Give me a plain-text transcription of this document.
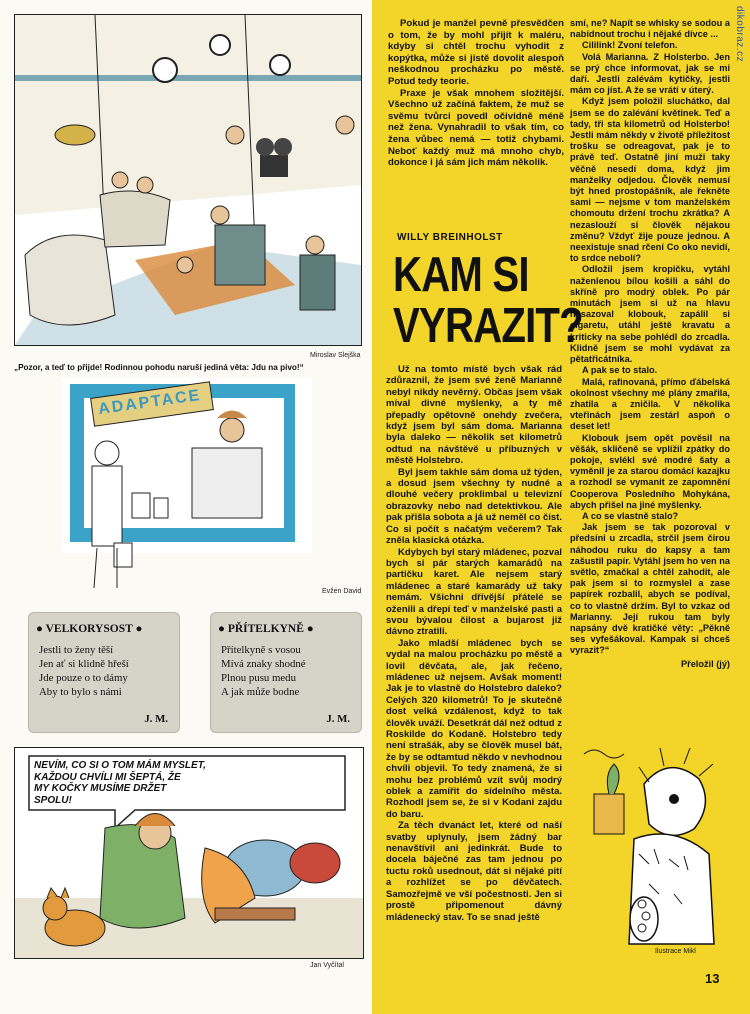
Miroslav Slejška
„Pozor, a teď to přijde! Rodinnou pohodu naruší jediná věta: Jdu na pivo!“
ADAPTACE
Evžen David
● VELKORYSOST ●
Jestli to ženy těší
Jen ať si klidně hřeší
Jde pouze o to dámy
Aby to bylo s námi
J. M.
● PŘÍTELKYNĚ ●
Přítelkyně s vosou
Mívá znaky shodné
Plnou pusu medu
A jak může bodne
J. M.
NEVÍM, CO SI O TOM MÁM MYSLET,
KAŽDOU CHVÍLI MI ŠEPTÁ, ŽE
MY KOČKY MUSÍME DRŽET
SPOLU!
Jan Vyčítal

Pokud je manžel pevně přesvědčen o tom, že by mohl přijít k maléru, kdyby si chtěl trochu vyhodit z kopýtka, může si jistě dovolit alespoň neškodnou procházku po městě. Potud tedy teorie.

Praxe je však mnohem složitější. Všechno už začíná faktem, že muž se svěmu tvůrci povedl očividně méně než žena. Vynahradil to však tím, co žena vůbec nemá — totiž chybami. Neboť každý muž má mnoho chyb, dokonce i já sám jich mám několik.

WILLY BREINHOLST
KAM SI
VYRAZIT?

Už na tomto místě bych však rád zdůraznil, že jsem své ženě Marianně nebyl nikdy nevěrný. Občas jsem však míval divné myšlenky, a ty mě přepadly opětovně onehdy zvečera, když jsem byl sám doma. Marianna byla daleko — několik set kilometrů odtud na návštěvě u příbuzných v městě Holstebro.

Byl jsem takhle sám doma už týden, a dosud jsem všechny ty nudné a dlouhé večery proklimbal u televizní obrazovky nebo nad detektivkou. Ale pak přišla sobota a já už neměl co číst. Co si počít s načatým večerem? Tak zněla klasická otázka.

Kdybych byl starý mládenec, pozval bych si pár starých kamarádů na partičku karet. Ale nejsem starý mládenec a staré kamarády už taky nemám. Všichni dřívější přátelé se oženili a dřepí teď v manželské pasti a svou bývalou čilost a bujarost již dávno ztratili.

Jako mladší mládenec bych se vydal na malou procházku po městě a lovil děvčata, ale, jak řečeno, mládenec už nejsem. Avšak moment! Jak je to vlastně do Holstebro daleko? Celých 320 kilometrů! To je skutečně dost velká vzdálenost, když to tak člověk uváží. Desetkrát dál než odtud z Roskilde do Kodaně. Holstebro tedy není strašák, aby se člověk musel bát, že by se odtamtud někdo v nevhodnou chvíli objevil. To tedy znamená, že si mohu bez problémů vzít svůj modrý oblek a zamířit do sídelního města. Rozhodl jsem se, že si v Kodani zajdu do baru.

Za těch dvanáct let, které od naší svatby uplynuly, jsem žádný bar nenavštívil ani jedinkrát. Bude to docela báječné zas tam jednou po tuctu roků usednout, dát si nějaké pití a rozhlížet se po děvčatech. Samozřejmě ve vší počestnosti. Jen si prostě připomenout dávný mládenecký stav. To se snad ještě

smí, ne? Napít se whisky se sodou a nabídnout trochu i nějaké dívce ...

Cililink! Zvoní telefon.

Volá Marianna. Z Holsterbo. Jen se prý chce informovat, jak se mi daří. Jestli zalévám kytičky, jestli mám co jíst. A že se vrátí v úterý.

Když jsem položil sluchátko, dal jsem se do zalévání květinek. Teď a tady, tři sta kilometrů od Holsterbo! Jestli mám někdy v životě příležitost trošku se odreagovat, pak je to právě teď. Ostatně jiní muži taky věčně nesedí doma, když jim manželky odjedou. Člověk nemusí být hned prostopášník, ale řekněte sami — nejsme v tom manželském chomoutu držení trochu zkrátka? A nezaslouží si člověk nějakou změnu? Vždyť žije pouze jednou. A neexistuje snad rčení Co oko nevidí, to srdce nebolí?

Odložil jsem kropičku, vytáhl naženlenou bílou košili a sáhl do skříně pro modrý oblek. Po pár minutách jsem si už na hlavu nasazoval klobouk, zapálil si cigaretu, utáhl ještě kravatu a kriticky na sebe pohlédl do zrcadla. Klidně jsem se mohl vydávat za pětatřicátníka.

A pak se to stalo.

Malá, rafinovaná, přímo ďábelská okolnost všechny mé plány zmařila, zhatila a zničila. V několika vteřinách jsem zestárl aspoň o deset let!

Klobouk jsem opět pověsil na věšák, skličeně se vplížil zpátky do pokoje, svlékl své modré šaty a vyměnil je za starou domácí kazajku a rozhodl se vymanit ze zapomnění Cooperova Posledního Mohykána, abych přišel na jiné myšlenky.

A co se vlastně stalo?

Jak jsem se tak pozoroval v předsíni u zrcadla, strčil jsem čirou náhodou ruku do kapsy a tam zašustil papír. Vytáhl jsem ho ven na světlo, zmačkal a chtěl zahodit, ale pak jsem si to rozmyslel a zase papírek rozbalil, abych se podíval, co to vlastně držím. Byl to vzkaz od Marianny. Její rukou tam byly napsány dvě kratičké věty: „Pěkně ses vyfešákoval. Kampak si chceš vyrazit?“

Přeložil (jý)
Ilustrace Mikl
dikobraz.cz
13
